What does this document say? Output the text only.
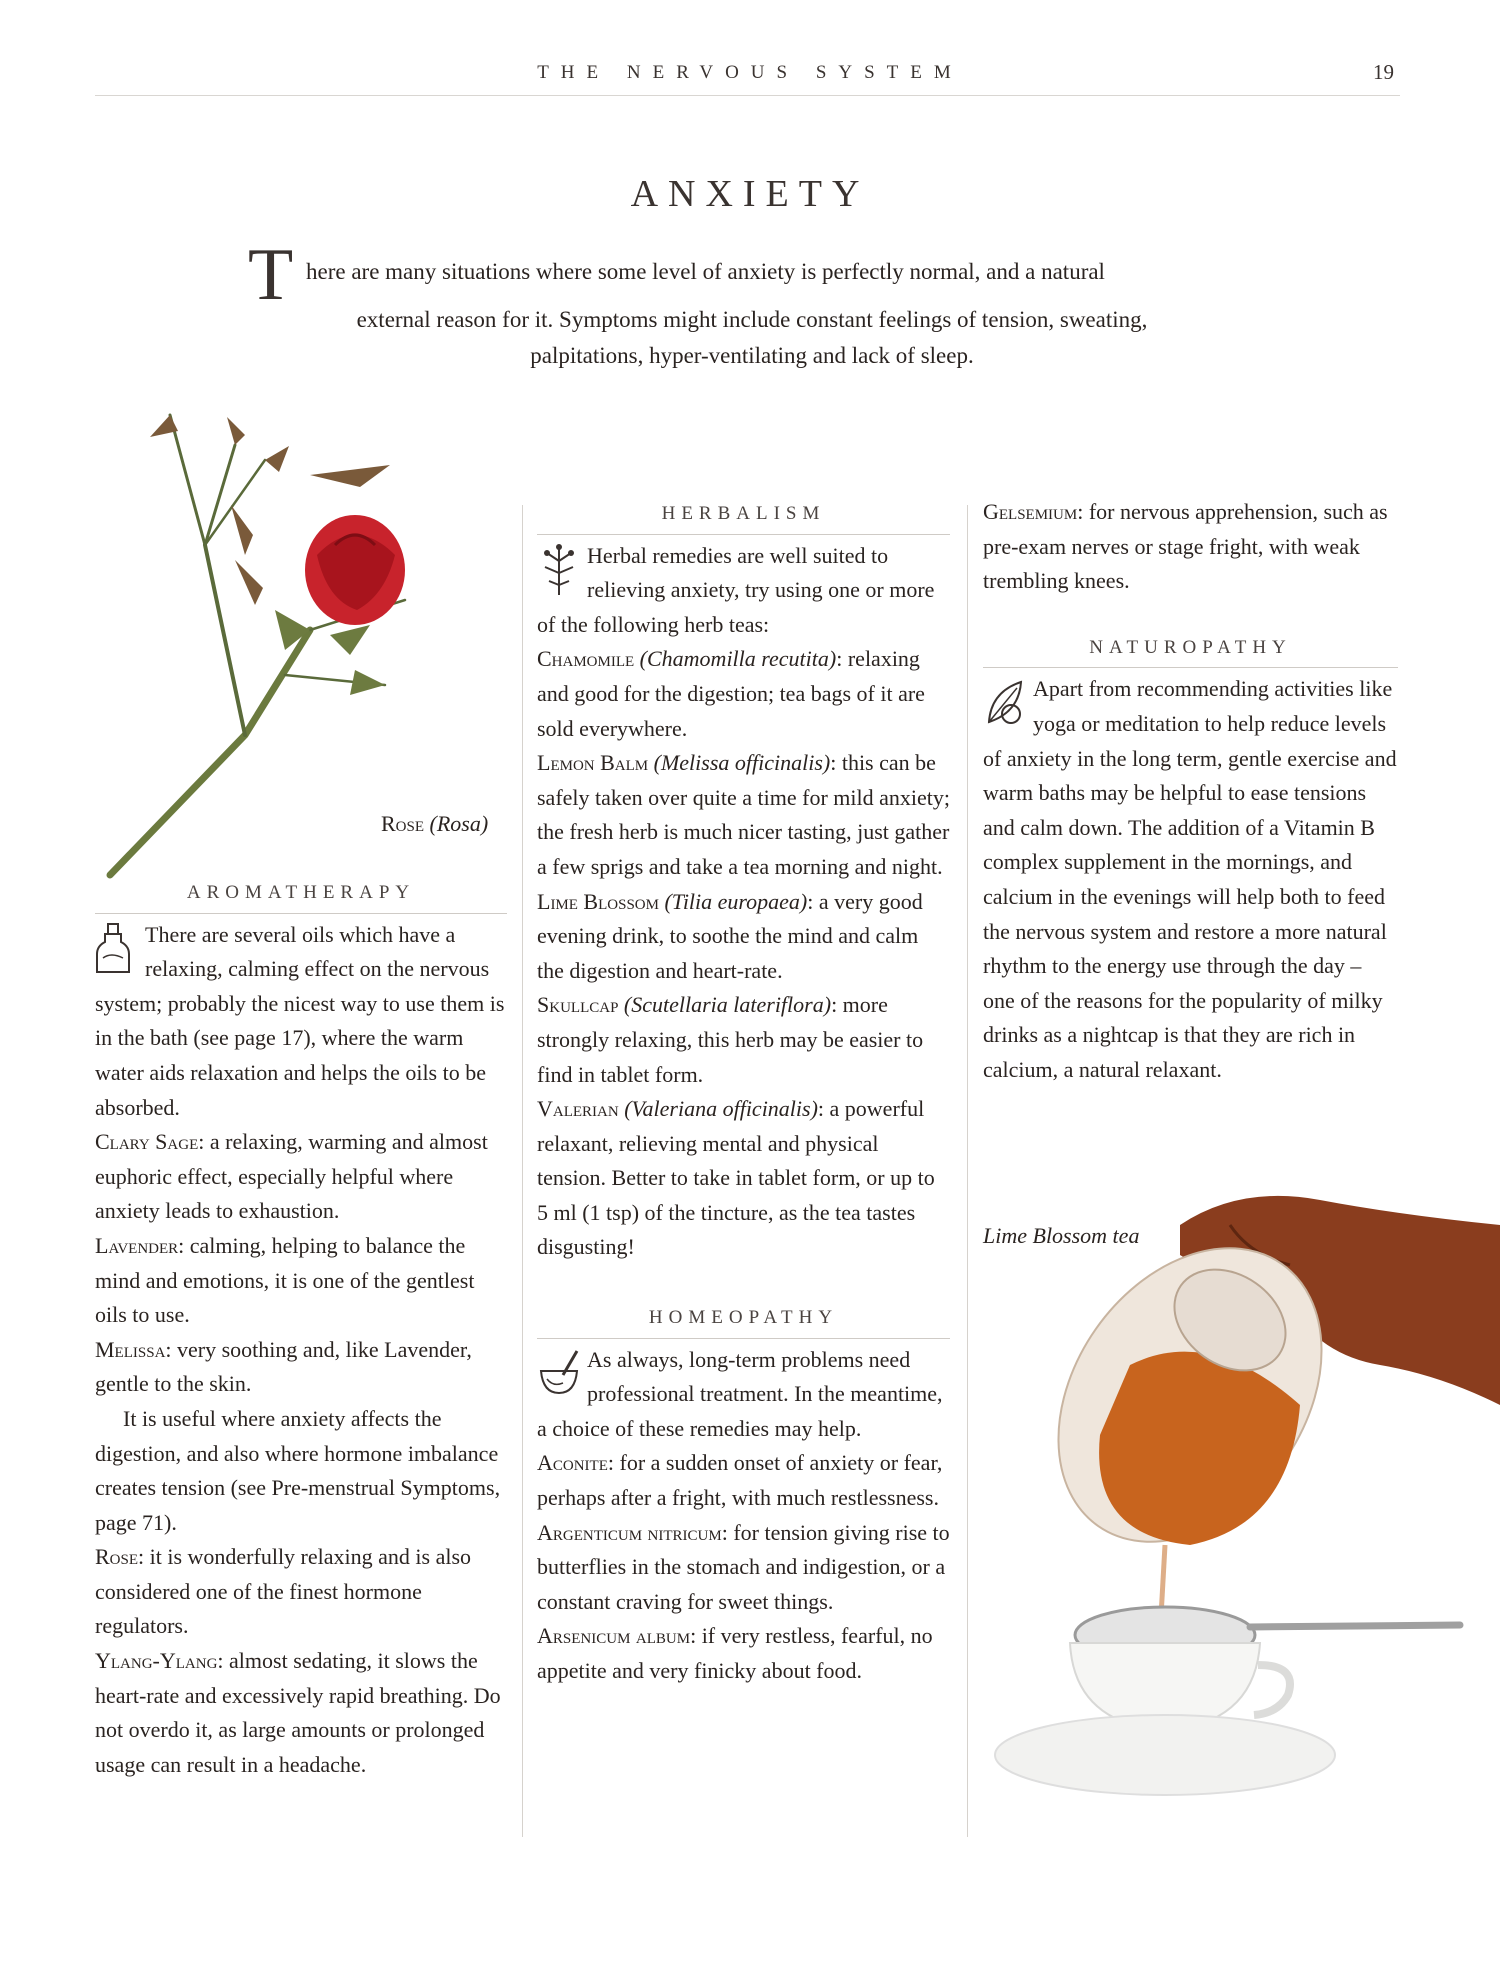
THE NERVOUS SYSTEM	19
ANXIETY
T here are many situations where some level of anxiety is perfectly normal, and a natural
external reason for it. Symptoms might include constant feelings of tension, sweating,
palpitations, hyper-ventilating and lack of sleep.
Rose (Rosa)
AROMATHERAPY

There are several oils which have a relaxing, calming effect on the nervous system; probably the nicest way to use them is in the bath (see page 17), where the warm water aids relaxation and helps the oils to be absorbed.

Clary Sage: a relaxing, warming and almost euphoric effect, especially helpful where anxiety leads to exhaustion.

Lavender: calming, helping to balance the mind and emotions, it is one of the gentlest oils to use.

Melissa: very soothing and, like Lavender, gentle to the skin.

It is useful where anxiety affects the digestion, and also where hormone imbalance creates tension (see Pre-menstrual Symptoms, page 71).

Rose: it is wonderfully relaxing and is also considered one of the finest hormone regulators.

Ylang-Ylang: almost sedating, it slows the heart-rate and excessively rapid breathing. Do not overdo it, as large amounts or prolonged usage can result in a headache.

HERBALISM

Herbal remedies are well suited to relieving anxiety, try using one or more of the following herb teas:

Chamomile (Chamomilla recutita): relaxing and good for the digestion; tea bags of it are sold everywhere.

Lemon Balm (Melissa officinalis): this can be safely taken over quite a time for mild anxiety; the fresh herb is much nicer tasting, just gather a few sprigs and take a tea morning and night.

Lime Blossom (Tilia europaea): a very good evening drink, to soothe the mind and calm the digestion and heart-rate.

Skullcap (Scutellaria lateriflora): more strongly relaxing, this herb may be easier to find in tablet form.

Valerian (Valeriana officinalis): a powerful relaxant, relieving mental and physical tension. Better to take in tablet form, or up to 5 ml (1 tsp) of the tincture, as the tea tastes disgusting!

HOMEOPATHY

As always, long-term problems need professional treatment. In the meantime, a choice of these remedies may help.

Aconite: for a sudden onset of anxiety or fear, perhaps after a fright, with much restlessness.

Argenticum nitricum: for tension giving rise to butterflies in the stomach and indigestion, or a constant craving for sweet things.

Arsenicum album: if very restless, fearful, no appetite and very finicky about food.

Gelsemium: for nervous apprehension, such as pre-exam nerves or stage fright, with weak trembling knees.

NATUROPATHY

Apart from recommending activities like yoga or meditation to help reduce levels of anxiety in the long term, gentle exercise and warm baths may be helpful to ease tensions and calm down. The addition of a Vitamin B complex supplement in the mornings, and calcium in the evenings will help both to feed the nervous system and restore a more natural rhythm to the energy use through the day – one of the reasons for the popularity of milky drinks as a nightcap is that they are rich in calcium, a natural relaxant.

Lime Blossom tea
